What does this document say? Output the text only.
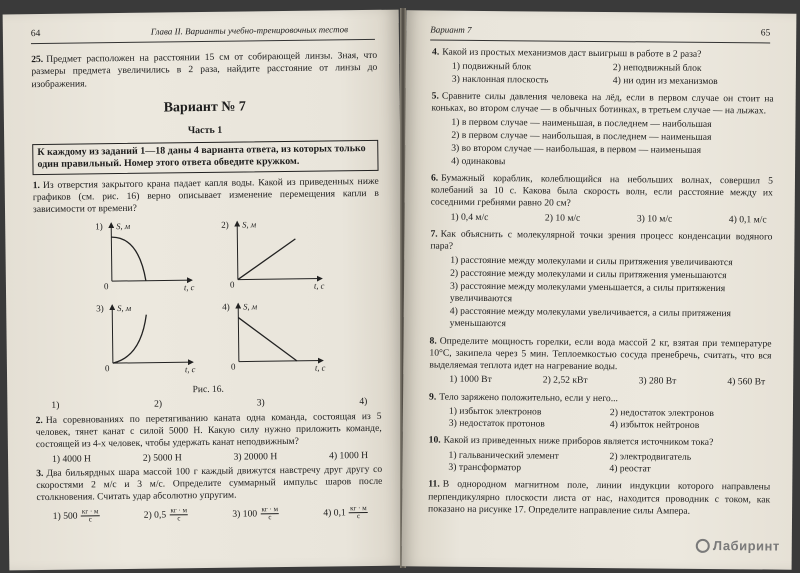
64	Глава II. Варианты учебно-тренировочных тестов
25. Предмет расположен на расстоянии 15 см от собирающей линзы. Зная, что размеры предмета увеличились в 2 раза, найдите расстояние от линзы до изображения.
Вариант № 7
Часть 1
К каждому из заданий 1—18 даны 4 варианта ответа, из которых только один правильный. Номер этого ответа обведите кружком.
1. Из отверстия закрытого крана падает капля воды. Какой из приведенных ниже графиков (см. рис. 16) верно описывает изменение перемещения капли в зависимости от времени?
1) S, м
t, c
0
2) S, м
t, c
0
3) S, м
t, c
0
4) S, м
t, c
0
Рис. 16.
1)	2)	3)	4)
2. На соревнованиях по перетягиванию каната одна команда, состоящая из 5 человек, тянет канат с силой 5000 Н. Какую силу нужно приложить команде, состоящей из 4-х человек, чтобы удержать канат неподвижным?
1) 4000 Н	2) 5000 Н	3) 20000 Н	4) 1000 Н
3. Два бильярдных шара массой 100 г каждый движутся навстречу друг другу со скоростями 2 м/с и 3 м/с. Определите суммарный импульс шаров после столкновения. Считать удар абсолютно упругим.
1) $500 \frac{кг \cdot м}{с}$	2) $0,5 \frac{кг \cdot м}{с}$	3) $100 \frac{кг \cdot м}{с}$	4) $0,1 \frac{кг \cdot м}{с}$
Вариант 7	65
4. Какой из простых механизмов даст выигрыш в работе в 2 раза?
1) подвижный блок	2) неподвижный блок
3) наклонная плоскость	4) ни один из механизмов
5. Сравните силы давления человека на лёд, если в первом случае он стоит на коньках, во втором случае — в обычных ботинках, в третьем случае — на лыжах.
1) в первом случае — наименьшая, в последнем — наибольшая
2) в первом случае — наибольшая, в последнем — наименьшая
3) во втором случае — наибольшая, в первом — наименьшая
4) одинаковы
6. Бумажный кораблик, колеблющийся на небольших волнах, совершил 5 колебаний за 10 с. Какова была скорость волн, если расстояние между их соседними гребнями равно 20 см?
1) 0,4 м/с	2) 10 м/с	3) 10 м/с	4) 0,1 м/с
7. Как объяснить с молекулярной точки зрения процесс конденсации водяного пара?
1) расстояние между молекулами и силы притяжения увеличиваются
2) расстояние между молекулами и силы притяжения уменьшаются
3) расстояние между молекулами уменьшается, а силы притяжения увеличиваются
4) расстояние между молекулами увеличивается, а силы притяжения уменьшаются
8. Определите мощность горелки, если вода массой 2 кг, взятая при температуре 10°С, закипела через 5 мин. Теплоемкостью сосуда пренебречь, считать, что вся выделяемая теплота идет на нагревание воды.
1) 1000 Вт	2) 2,52 кВт	3) 280 Вт	4) 560 Вт
9. Тело заряжено положительно, если у него...
1) избыток электронов	2) недостаток электронов
3) недостаток протонов	4) избыток нейтронов
10. Какой из приведенных ниже приборов является источником тока?
1) гальванический элемент	2) электродвигатель
3) трансформатор	4) реостат
11. В однородном магнитном поле, линии индукции которого направлены перпендикулярно плоскости листа от нас, находится проводник с током, как показано на рисунке 17. Определите направление силы Ампера.
Лабиринт
